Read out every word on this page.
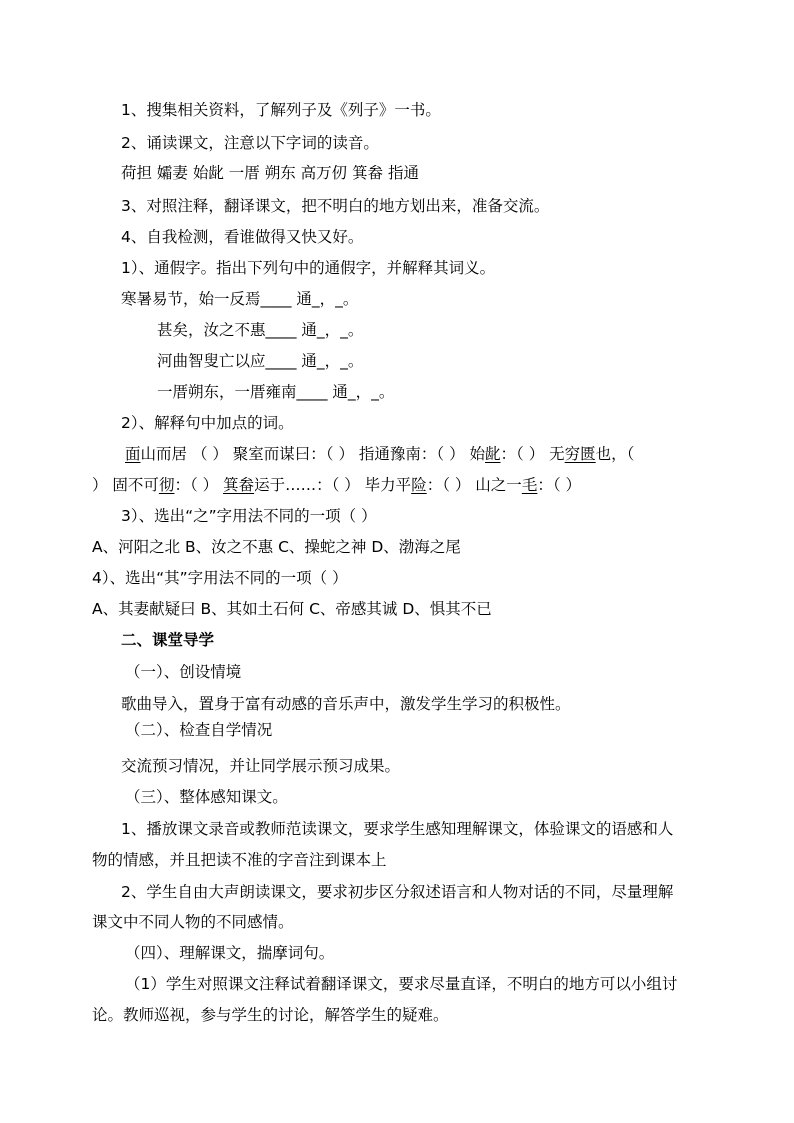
1、搜集相关资料，了解列子及《列子》一书。
2、诵读课文，注意以下字词的读音。
荷担 孀妻 始龀 一厝 朔东 高万仞 箕畚 指通
3、对照注释，翻译课文，把不明白的地方划出来，准备交流。
4、自我检测，看谁做得又快又好。
1）、通假字。指出下列句中的通假字，并解释其词义。
寒暑易节，始一反焉____ 通_，_。
甚矣，汝之不惠____ 通_，_。
河曲智叟亡以应____ 通_，_。
一厝朔东，一厝雍南____ 通_，_。
2）、解释句中加点的词。
面山而居 （ ） 聚室而谋曰：（ ） 指通豫南：（ ） 始龀：（ ） 无穷匮也，（
） 固不可彻：（ ） 箕畚运于……：（ ） 毕力平险：（ ） 山之一毛：（ ）
3）、选出“之”字用法不同的一项（ ）
A、河阳之北 B、汝之不惠 C、操蛇之神 D、渤海之尾
4）、选出“其”字用法不同的一项（ ）
A、其妻献疑曰 B、其如土石何 C、帝感其诚 D、惧其不已
二、课堂导学
（一）、创设情境
歌曲导入，置身于富有动感的音乐声中，激发学生学习的积极性。
（二）、检查自学情况
交流预习情况，并让同学展示预习成果。
（三）、整体感知课文。
1、播放课文录音或教师范读课文，要求学生感知理解课文，体验课文的语感和人
物的情感，并且把读不准的字音注到课本上
2、学生自由大声朗读课文，要求初步区分叙述语言和人物对话的不同，尽量理解
课文中不同人物的不同感情。
（四）、理解课文，揣摩词句。
（1）学生对照课文注释试着翻译课文，要求尽量直译，不明白的地方可以小组讨
论。教师巡视，参与学生的讨论，解答学生的疑难。
